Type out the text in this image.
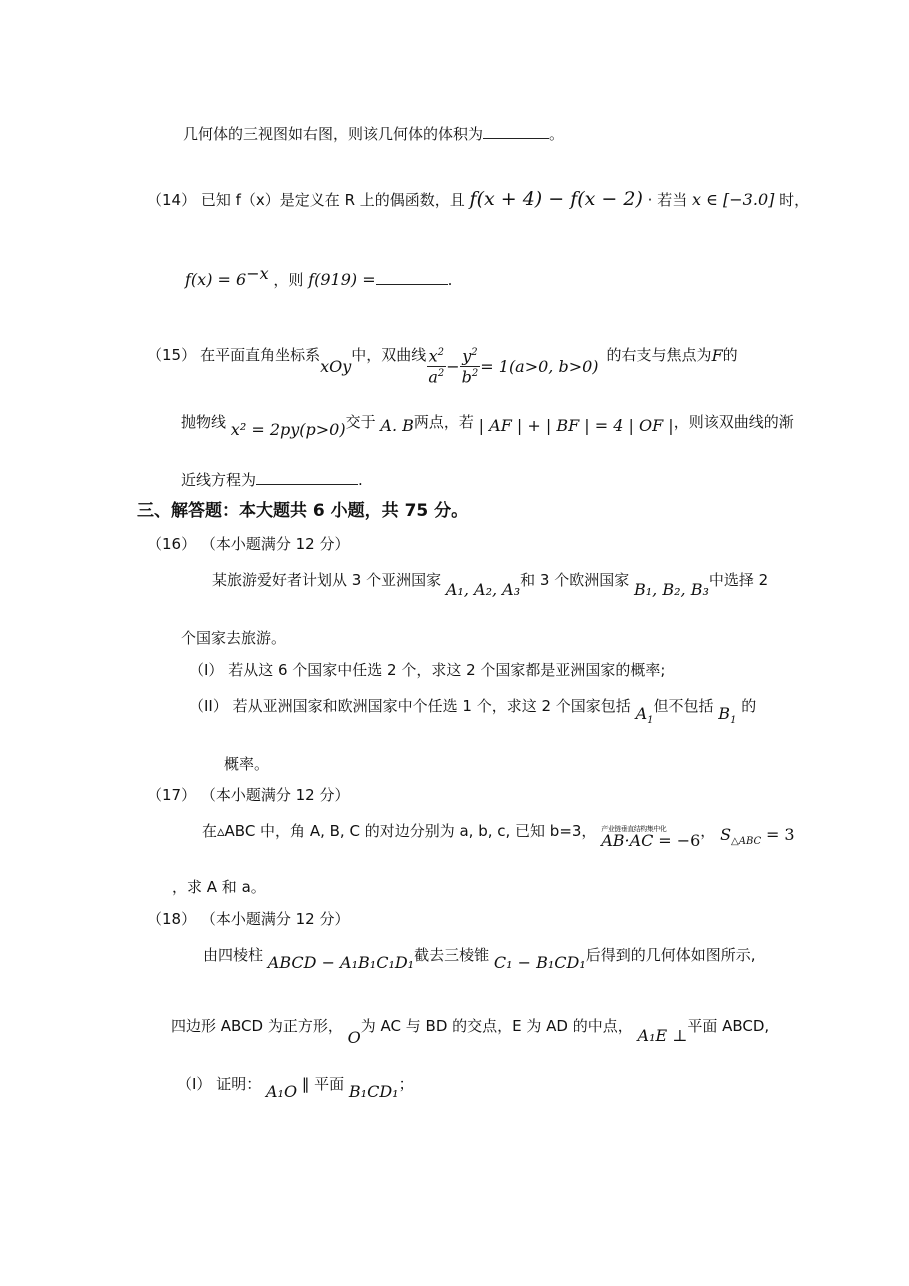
几何体的三视图如右图，则该几何体的体积为	。
（14） 已知 f（x）是定义在 R 上的偶函数，且 f(x + 4) − f(x − 2) · 若当 x ∈ [−3.0] 时，
$f(x) = 6^{-x}$ ，则 f(919) =	.
（15） 在平面直角坐标系
xOy
中，双曲线 $\frac{x^2}{a^2} - \frac{y^2}{b^2} = 1(a>0$, b>0)
的右支与焦点为 F 的
抛物线 x² = 2py(p>0)交于 A. B两点，若 | AF | + | BF | = 4 | OF |，则该双曲线的渐
近线方程为	.
三、解答题：本大题共 6 小题，共 75 分。
（16） （本小题满分 12 分）
某旅游爱好者计划从 3 个亚洲国家 A₁, A₂, A₃和 3 个欧洲国家 B₁, B₂, B₃中选择 2
个国家去旅游。
（I） 若从这 6 个国家中任选 2 个，求这 2 个国家都是亚洲国家的概率;
（II） 若从亚洲国家和欧洲国家中个任选 1 个，求这 2 个国家包括 $A_1$但不包括 $B_1$ 的
概率。
（17） （本小题满分 12 分）
在▵ABC 中，角 A, B, C 的对边分别为 a, b, c, 已知 b=3， 产业链垂直结构集中化
AB·AC = −6， $S_{\triangle ABC} = 3$
，求 A 和 a。
（18） （本小题满分 12 分）
由四棱柱 ABCD − A₁B₁C₁D₁截去三棱锥 C₁ − B₁CD₁后得到的几何体如图所示,
四边形 ABCD 为正方形， O为 AC 与 BD 的交点，E 为 AD 的中点， A₁E ⊥平面 ABCD,
（I） 证明： A₁O ‖ 平面 B₁CD₁；
